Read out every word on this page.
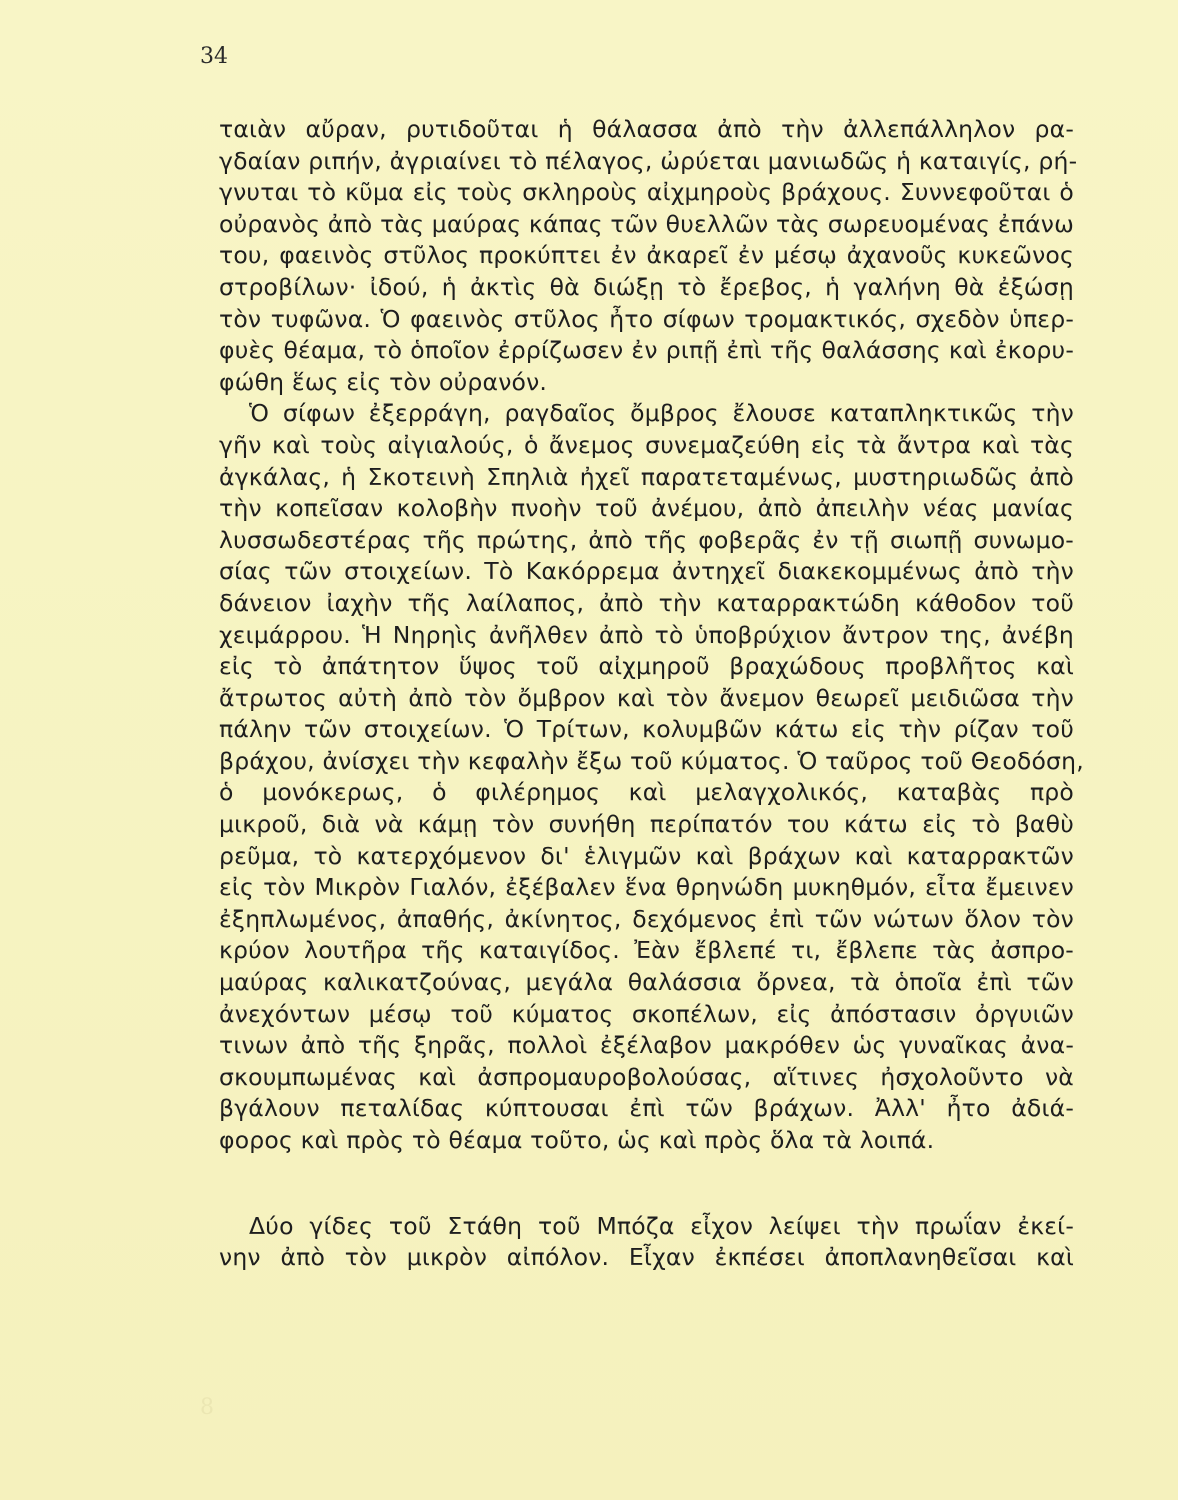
8
34
ταιὰν αὔραν, ρυτιδοῦται ἡ θάλασσα ἀπὸ τὴν ἀλλεπάλληλον ρα-
γδαίαν ριπήν, ἀγριαίνει τὸ πέλαγος, ὠρύεται μανιωδῶς ἡ καταιγίς, ρή-
γνυται τὸ κῦμα εἰς τοὺς σκληροὺς αἰχμηροὺς βράχους. Συννεφοῦται ὁ
οὐρανὸς ἀπὸ τὰς μαύρας κάπας τῶν θυελλῶν τὰς σωρευομένας ἐπάνω
του, φαεινὸς στῦλος προκύπτει ἐν ἀκαρεῖ ἐν μέσῳ ἀχανοῦς κυκεῶνος
στροβίλων· ἰδού, ἡ ἀκτὶς θὰ διώξῃ τὸ ἔρεβος, ἡ γαλήνη θὰ ἐξώσῃ
τὸν τυφῶνα. Ὁ φαεινὸς στῦλος ἦτο σίφων τρομακτικός, σχεδὸν ὑπερ-
φυὲς θέαμα, τὸ ὁποῖον ἐρρίζωσεν ἐν ριπῇ ἐπὶ τῆς θαλάσσης καὶ ἐκορυ-
φώθη ἕως εἰς τὸν οὐρανόν.
Ὁ σίφων ἐξερράγη, ραγδαῖος ὄμβρος ἔλουσε καταπληκτικῶς τὴν
γῆν καὶ τοὺς αἰγιαλούς, ὁ ἄνεμος συνεμαζεύθη εἰς τὰ ἄντρα καὶ τὰς
ἀγκάλας, ἡ Σκοτεινὴ Σπηλιὰ ἠχεῖ παρατεταμένως, μυστηριωδῶς ἀπὸ
τὴν κοπεῖσαν κολοβὴν πνοὴν τοῦ ἀνέμου, ἀπὸ ἀπειλὴν νέας μανίας
λυσσωδεστέρας τῆς πρώτης, ἀπὸ τῆς φοβερᾶς ἐν τῇ σιωπῇ συνωμο-
σίας τῶν στοιχείων. Τὸ Κακόρρεμα ἀντηχεῖ διακεκομμένως ἀπὸ τὴν
δάνειον ἰαχὴν τῆς λαίλαπος, ἀπὸ τὴν καταρρακτώδη κάθοδον τοῦ
χειμάρρου. Ἡ Νηρηὶς ἀνῆλθεν ἀπὸ τὸ ὑποβρύχιον ἄντρον της, ἀνέβη
εἰς τὸ ἀπάτητον ὕψος τοῦ αἰχμηροῦ βραχώδους προβλῆτος καὶ
ἄτρωτος αὐτὴ ἀπὸ τὸν ὄμβρον καὶ τὸν ἄνεμον θεωρεῖ μειδιῶσα τὴν
πάλην τῶν στοιχείων. Ὁ Τρίτων, κολυμβῶν κάτω εἰς τὴν ρίζαν τοῦ
βράχου, ἀνίσχει τὴν κεφαλὴν ἔξω τοῦ κύματος. Ὁ ταῦρος τοῦ Θεοδόση,
ὁ μονόκερως, ὁ φιλέρημος καὶ μελαγχολικός, καταβὰς πρὸ
μικροῦ, διὰ νὰ κάμῃ τὸν συνήθη περίπατόν του κάτω εἰς τὸ βαθὺ
ρεῦμα, τὸ κατερχόμενον δι' ἑλιγμῶν καὶ βράχων καὶ καταρρακτῶν
εἰς τὸν Μικρὸν Γιαλόν, ἐξέβαλεν ἕνα θρηνώδη μυκηθμόν, εἶτα ἔμεινεν
ἐξηπλωμένος, ἀπαθής, ἀκίνητος, δεχόμενος ἐπὶ τῶν νώτων ὅλον τὸν
κρύον λουτῆρα τῆς καταιγίδος. Ἐὰν ἔβλεπέ τι, ἔβλεπε τὰς ἀσπρο-
μαύρας καλικατζούνας, μεγάλα θαλάσσια ὄρνεα, τὰ ὁποῖα ἐπὶ τῶν
ἀνεχόντων μέσῳ τοῦ κύματος σκοπέλων, εἰς ἀπόστασιν ὀργυιῶν
τινων ἀπὸ τῆς ξηρᾶς, πολλοὶ ἐξέλαβον μακρόθεν ὡς γυναῖκας ἀνα-
σκουμπωμένας καὶ ἀσπρομαυροβολούσας, αἵτινες ἠσχολοῦντο νὰ
βγάλουν πεταλίδας κύπτουσαι ἐπὶ τῶν βράχων. Ἀλλ' ἦτο ἀδιά-
φορος καὶ πρὸς τὸ θέαμα τοῦτο, ὡς καὶ πρὸς ὅλα τὰ λοιπά.
Δύο γίδες τοῦ Στάθη τοῦ Μπόζα εἶχον λείψει τὴν πρωΐαν ἐκεί-
νην ἀπὸ τὸν μικρὸν αἰπόλον. Εἶχαν ἐκπέσει ἀποπλανηθεῖσαι καὶ
